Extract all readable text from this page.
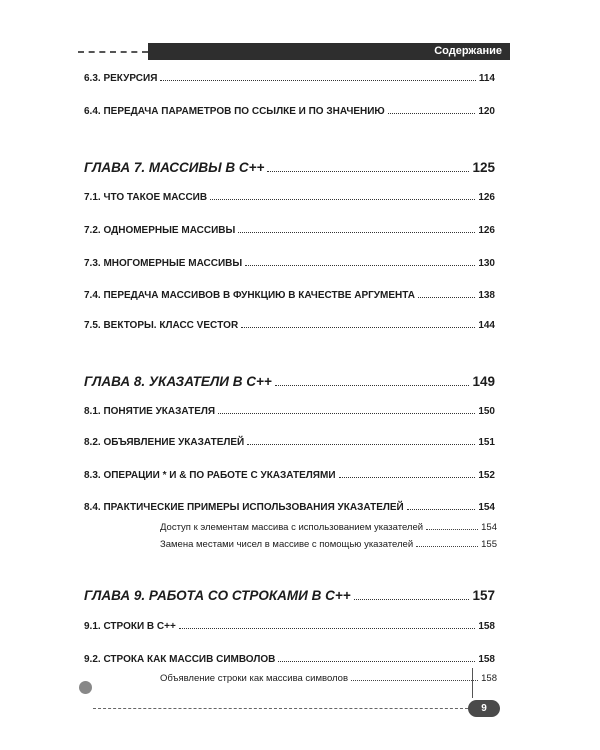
Содержание
6.3. РЕКУРСИЯ	114
6.4. ПЕРЕДАЧА ПАРАМЕТРОВ ПО ССЫЛКЕ И ПО ЗНАЧЕНИЮ	120
ГЛАВА 7. МАССИВЫ В С++	125
7.1. ЧТО ТАКОЕ МАССИВ	126
7.2. ОДНОМЕРНЫЕ МАССИВЫ	126
7.3. МНОГОМЕРНЫЕ МАССИВЫ	130
7.4. ПЕРЕДАЧА МАССИВОВ В ФУНКЦИЮ В КАЧЕСТВЕ АРГУМЕНТА	138
7.5. ВЕКТОРЫ. КЛАСС VECTOR	144
ГЛАВА 8. УКАЗАТЕЛИ В С++	149
8.1. ПОНЯТИЕ УКАЗАТЕЛЯ	150
8.2. ОБЪЯВЛЕНИЕ УКАЗАТЕЛЕЙ	151
8.3. ОПЕРАЦИИ * И & ПО РАБОТЕ С УКАЗАТЕЛЯМИ	152
8.4. ПРАКТИЧЕСКИЕ ПРИМЕРЫ ИСПОЛЬЗОВАНИЯ УКАЗАТЕЛЕЙ	154
Доступ к элементам массива с использованием указателей	154
Замена местами чисел в массиве с помощью указателей	155
ГЛАВА 9. РАБОТА СО СТРОКАМИ В С++	157
9.1. СТРОКИ В С++	158
9.2. СТРОКА КАК МАССИВ СИМВОЛОВ	158
Объявление строки как массива символов	158
9
